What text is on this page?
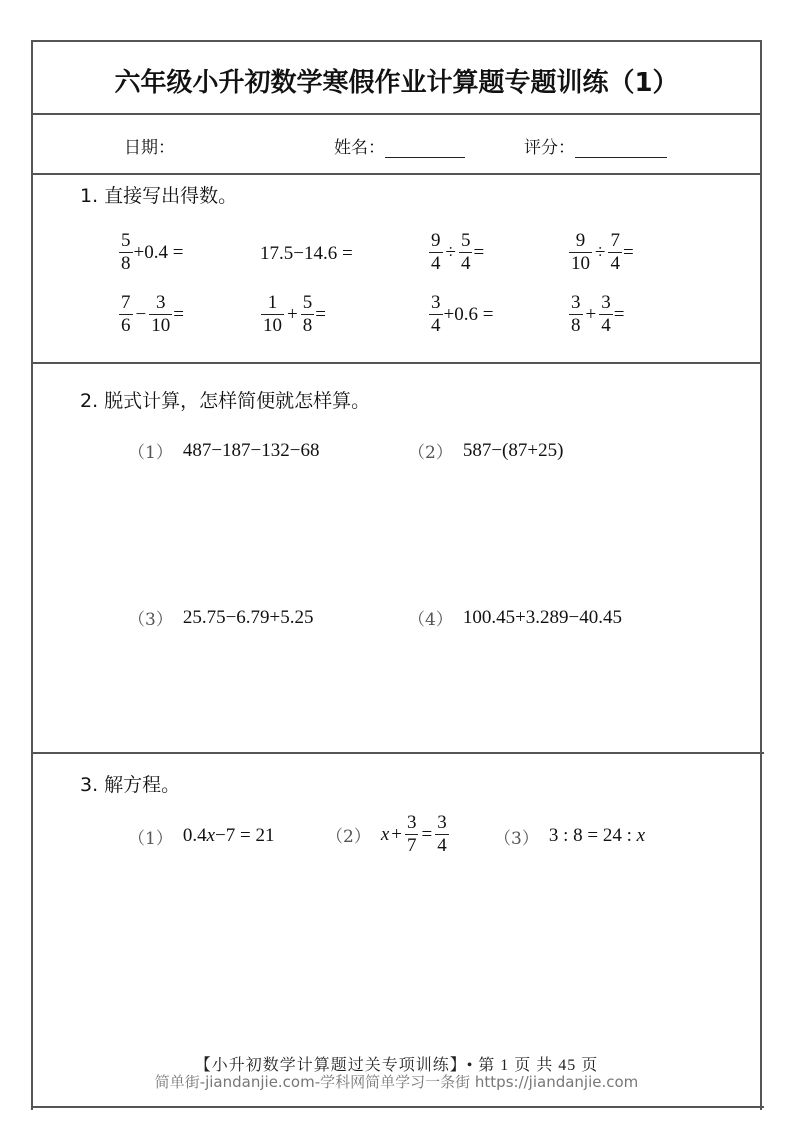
六年级小升初数学寒假作业计算题专题训练（1）
日期：	姓名：	评分：
1. 直接写出得数。
$\frac{5}{8} +0.4$ =	17.5−14.6 =	$\frac{9}{4} \div \frac{5}{4}$ =	$\frac{9}{10} \div \frac{7}{4}$ =
$\frac{7}{6} - \frac{3}{10}$ =	$\frac{1}{10} + \frac{5}{8}$ =	$\frac{3}{4} +0.6$ =	$\frac{3}{8} + \frac{3}{4}$ =
2. 脱式计算，怎样简便就怎样算。
（1） 487−187−132−68	（2） 587−(87+25)
（3） 25.75−6.79+5.25	（4） 100.45+3.289−40.45
3. 解方程。
（1） 0.4 x −7 = 21	（2） $x + \frac{3}{7} = \frac{3}{4}$	（3） 3 : 8 = 24 : x
【小升初数学计算题过关专项训练】• 第 1 页 共 45 页
简单街-jiandanjie.com-学科网简单学习一条街 https://jiandanjie.com
